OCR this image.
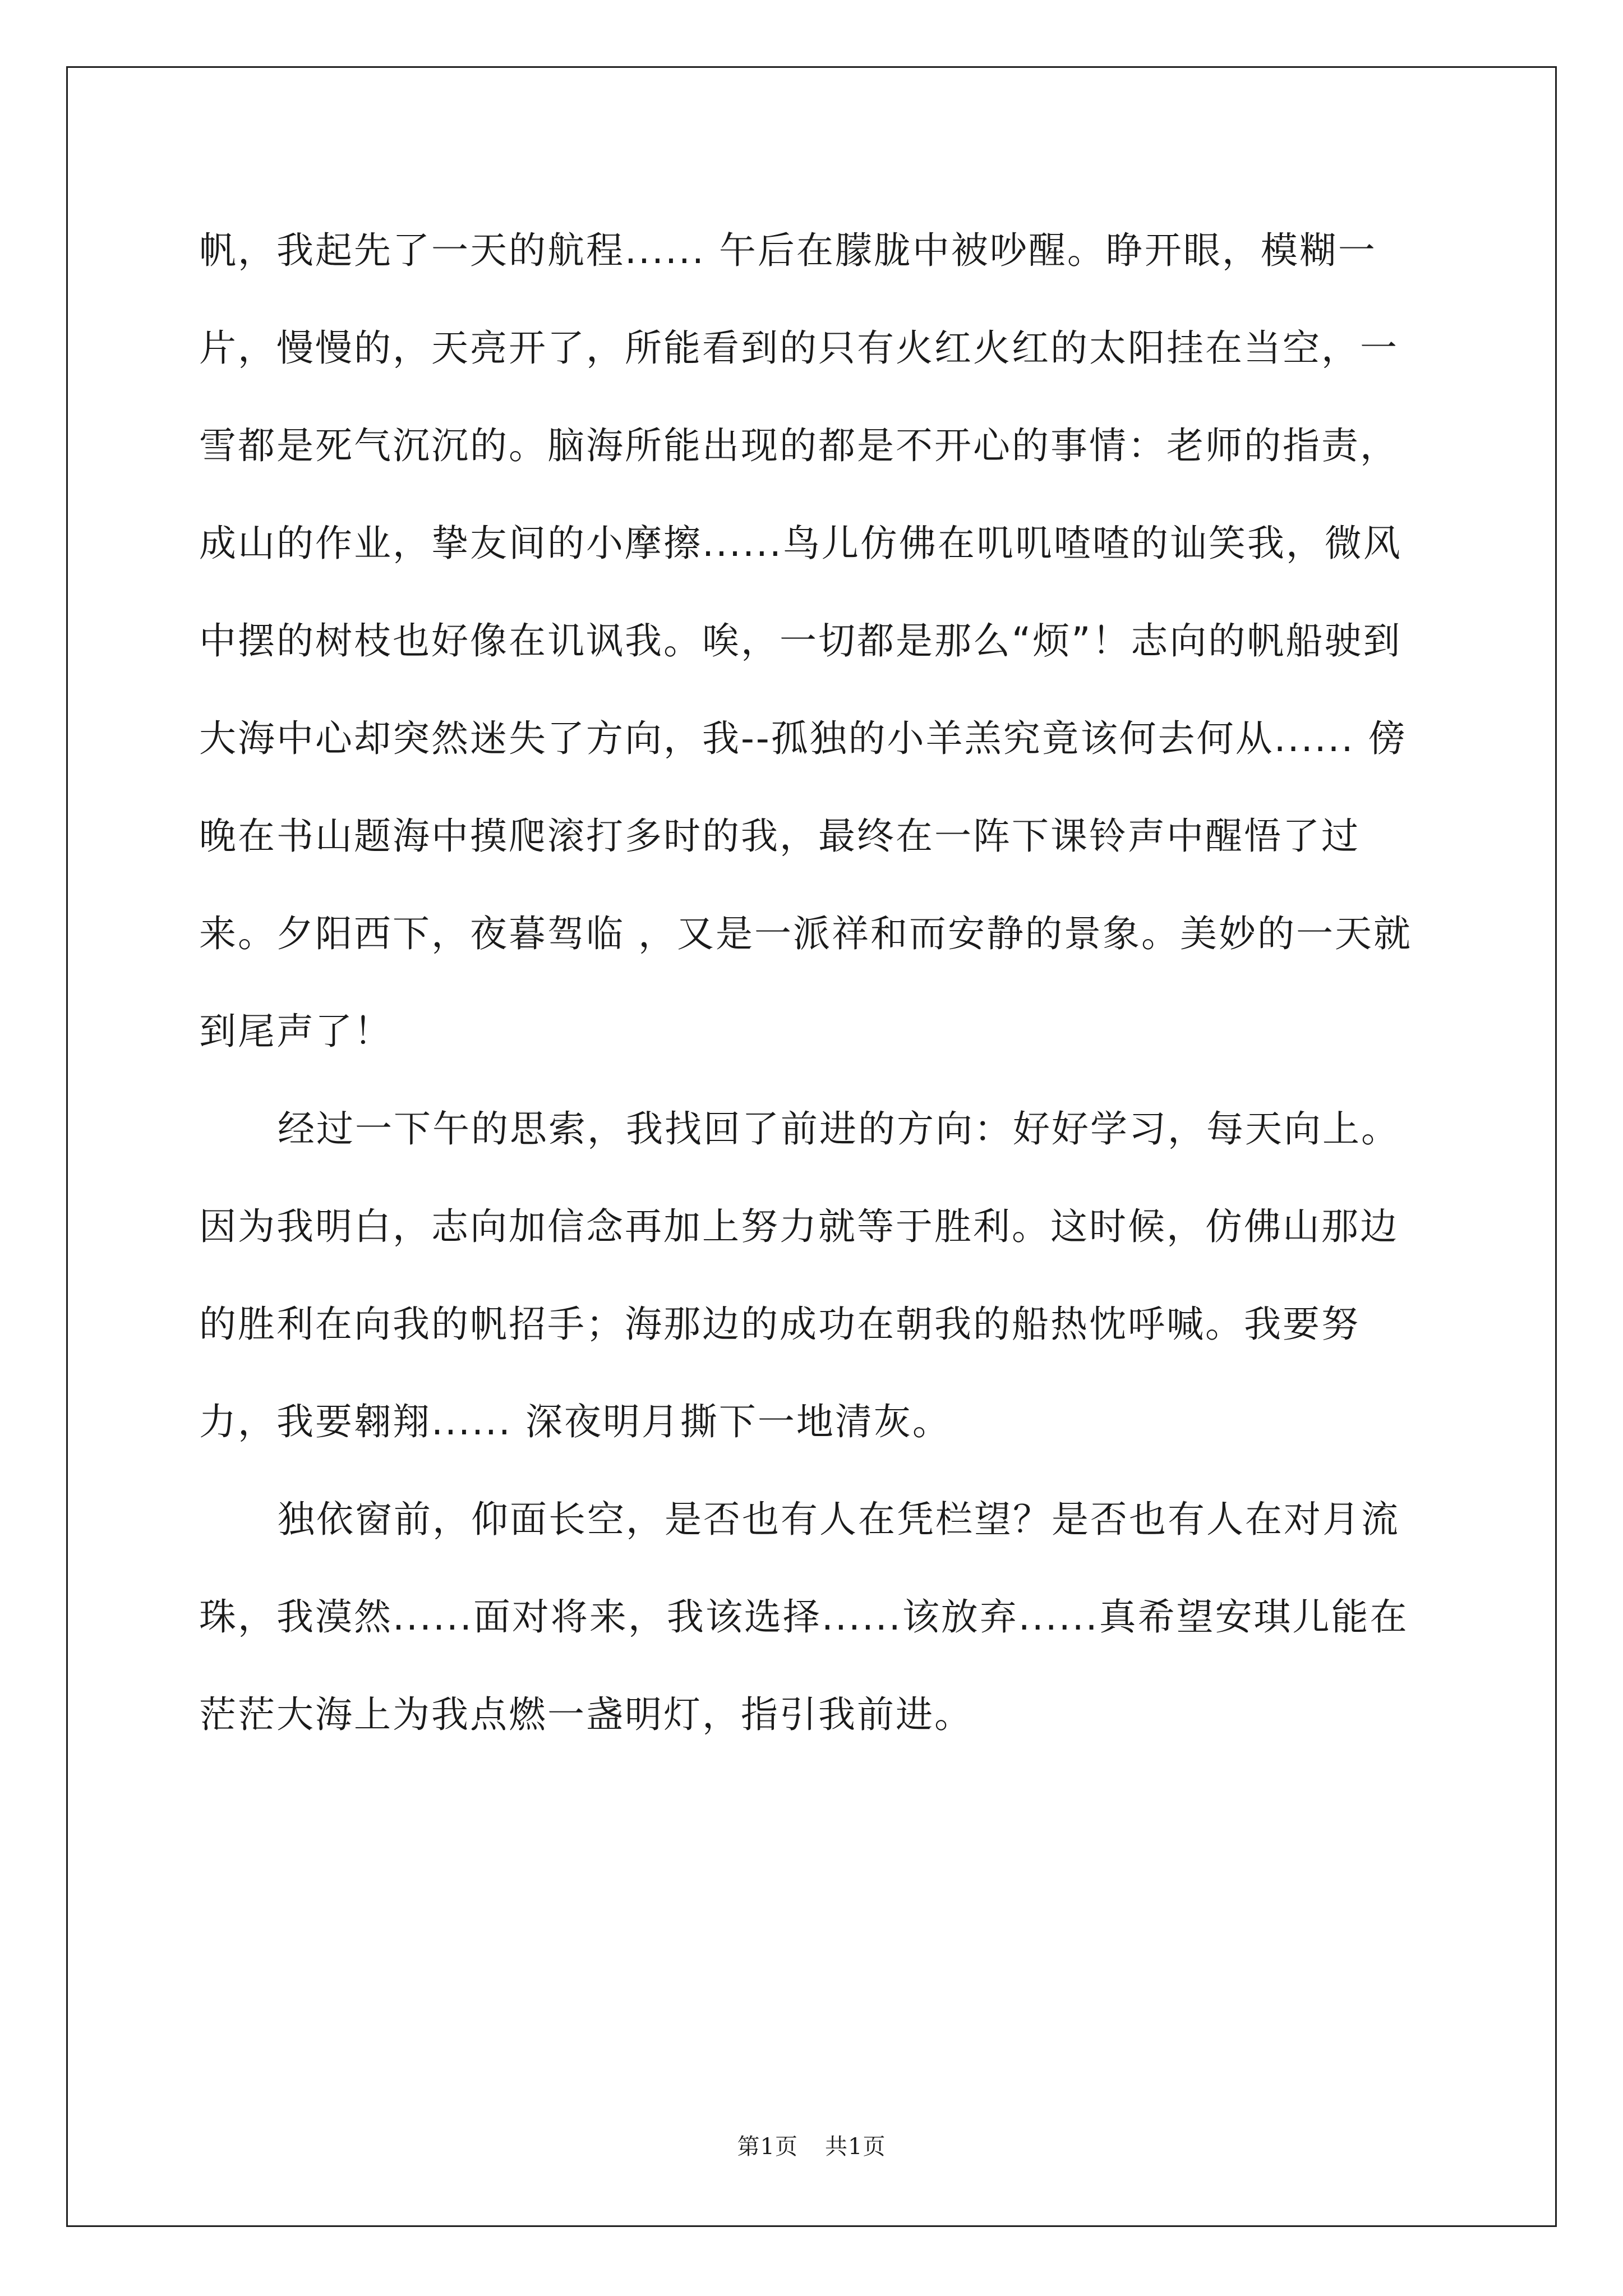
帆，我起先了一天的航程...... 午后在朦胧中被吵醒。睁开眼，模糊一片，慢慢的，天亮开了，所能看到的只有火红火红的太阳挂在当空，一雪都是死气沉沉的。脑海所能出现的都是不开心的事情：老师的指责，成山的作业，挚友间的小摩擦......鸟儿仿佛在叽叽喳喳的讪笑我，微风中摆的树枝也好像在讥讽我。唉，一切都是那么“烦”！志向的帆船驶到大海中心却突然迷失了方向，我--孤独的小羊羔究竟该何去何从...... 傍晚在书山题海中摸爬滚打多时的我，最终在一阵下课铃声中醒悟了过来。夕阳西下，夜暮驾临 ，又是一派祥和而安静的景象。美妙的一天就到尾声了！

经过一下午的思索，我找回了前进的方向：好好学习，每天向上。因为我明白，志向加信念再加上努力就等于胜利。这时候，仿佛山那边的胜利在向我的帆招手；海那边的成功在朝我的船热忱呼喊。我要努力，我要翱翔...... 深夜明月撕下一地清灰。

独依窗前，仰面长空，是否也有人在凭栏望？是否也有人在对月流珠，我漠然......面对将来，我该选择......该放弃......真希望安琪儿能在茫茫大海上为我点燃一盏明灯，指引我前进。

第1页 共1页
